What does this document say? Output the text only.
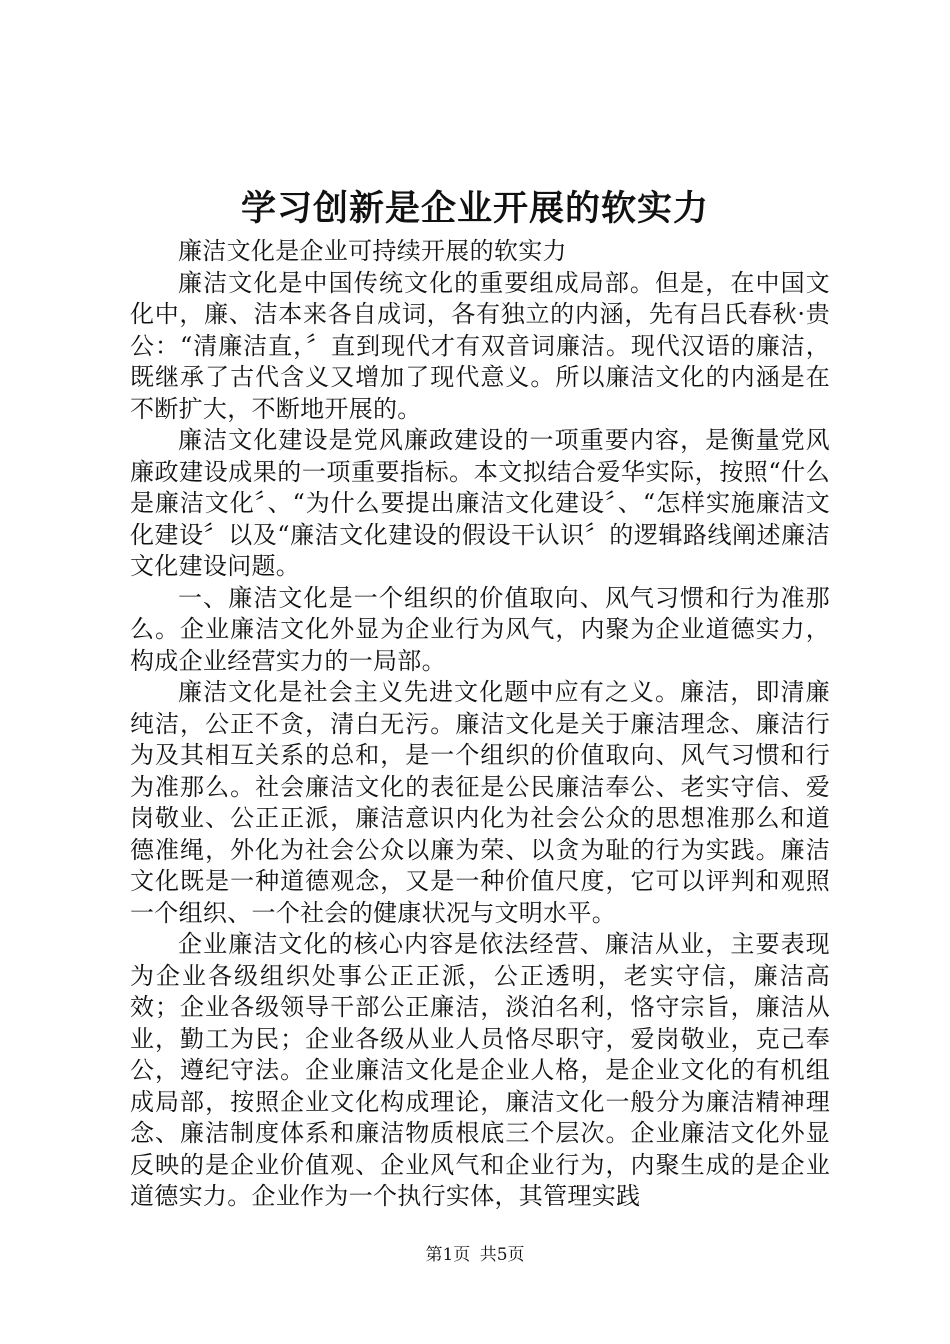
学习创新是企业开展的软实力

廉洁文化是企业可持续开展的软实力

廉洁文化是中国传统文化的重要组成局部。但是，在中国文化中，廉、洁本来各自成词，各有独立的内涵，先有吕氏春秋·贵公：“清廉洁直，〞直到现代才有双音词廉洁。现代汉语的廉洁，既继承了古代含义又增加了现代意义。所以廉洁文化的内涵是在不断扩大，不断地开展的。

廉洁文化建设是党风廉政建设的一项重要内容，是衡量党风廉政建设成果的一项重要指标。本文拟结合爱华实际，按照“什么是廉洁文化〞、“为什么要提出廉洁文化建设〞、“怎样实施廉洁文化建设〞以及“廉洁文化建设的假设干认识〞的逻辑路线阐述廉洁文化建设问题。

一、廉洁文化是一个组织的价值取向、风气习惯和行为准那么。企业廉洁文化外显为企业行为风气，内聚为企业道德实力，构成企业经营实力的一局部。

廉洁文化是社会主义先进文化题中应有之义。廉洁，即清廉纯洁，公正不贪，清白无污。廉洁文化是关于廉洁理念、廉洁行为及其相互关系的总和，是一个组织的价值取向、风气习惯和行为准那么。社会廉洁文化的表征是公民廉洁奉公、老实守信、爱岗敬业、公正正派，廉洁意识内化为社会公众的思想准那么和道德准绳，外化为社会公众以廉为荣、以贪为耻的行为实践。廉洁文化既是一种道德观念，又是一种价值尺度，它可以评判和观照一个组织、一个社会的健康状况与文明水平。

企业廉洁文化的核心内容是依法经营、廉洁从业，主要表现为企业各级组织处事公正正派，公正透明，老实守信，廉洁高效；企业各级领导干部公正廉洁，淡泊名利，恪守宗旨，廉洁从业，勤工为民；企业各级从业人员恪尽职守，爱岗敬业，克己奉公，遵纪守法。企业廉洁文化是企业人格，是企业文化的有机组成局部，按照企业文化构成理论，廉洁文化一般分为廉洁精神理念、廉洁制度体系和廉洁物质根底三个层次。企业廉洁文化外显反映的是企业价值观、企业风气和企业行为，内聚生成的是企业道德实力。企业作为一个执行实体，其管理实践

第1页 共5页
